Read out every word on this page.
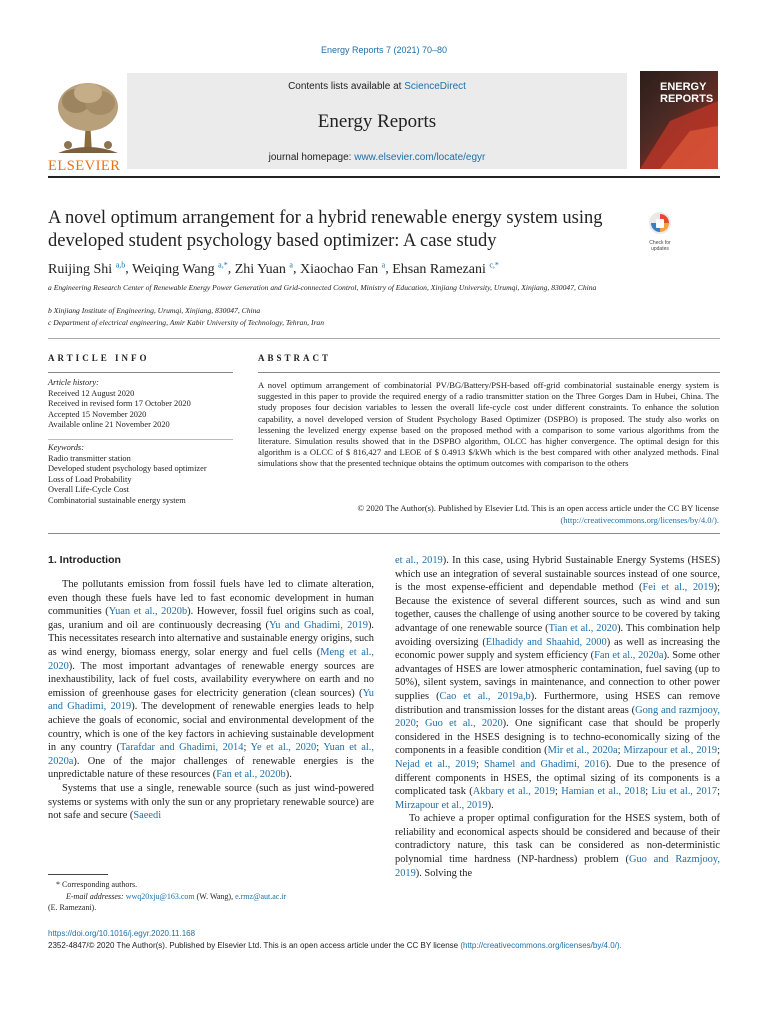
Energy Reports 7 (2021) 70–80
ELSEVIER
Contents lists available at ScienceDirect
Energy Reports
journal homepage: www.elsevier.com/locate/egyr
ENERGY
REPORTS
A novel optimum arrangement for a hybrid renewable energy system using developed student psychology based optimizer: A case study	Check for updates
Ruijing Shi $^{a,b}$, Weiqing Wang $^{a,*}$, Zhi Yuan $^a$, Xiaochao Fan $^a$, Ehsan Ramezani $^{c,*}$
a Engineering Research Center of Renewable Energy Power Generation and Grid-connected Control, Ministry of Education, Xinjiang University, Urumqi, Xinjiang, 830047, China
b Xinjiang Institute of Engineering, Urumqi, Xinjiang, 830047, China
c Department of electrical engineering, Amir Kabir University of Technology, Tehran, Iran
ARTICLE INFO
Article history:
Received 12 August 2020
Received in revised form 17 October 2020
Accepted 15 November 2020
Available online 21 November 2020
Keywords:
Radio transmitter station
Developed student psychology based optimizer
Loss of Load Probability
Overall Life-Cycle Cost
Combinatorial sustainable energy system
ABSTRACT
A novel optimum arrangement of combinatorial PV/BG/Battery/PSH-based off-grid combinatorial sustainable energy system is suggested in this paper to provide the required energy of a radio transmitter station on the Three Gorges Dam in Hubei, China. The study proposes four decision variables to lessen the overall life-cycle cost under different constraints. To enhance the solution capability, a novel developed version of Student Psychology Based Optimizer (DSPBO) is proposed. The study also works on lessening the levelized energy expense based on the proposed method with a comparison to some various algorithms from the literature. Simulation results showed that in the DSPBO algorithm, OLCC has higher convergence. The optimal design for this algorithm is a OLCC of $ 816,427 and LEOE of $ 0.4913 $/kWh which is the best compared with other analyzed methods. Final simulations show that the presented technique obtains the optimum outcomes with comparison to the others
© 2020 The Author(s). Published by Elsevier Ltd. This is an open access article under the CC BY license
(http://creativecommons.org/licenses/by/4.0/).
1. Introduction

The pollutants emission from fossil fuels have led to climate alteration, even though these fuels have led to fast economic development in human communities (Yuan et al., 2020b). However, fossil fuel origins such as coal, gas, uranium and oil are continuously decreasing (Yu and Ghadimi, 2019). This necessitates research into alternative and sustainable energy origins, such as wind energy, biomass energy, solar energy and fuel cells (Meng et al., 2020). The most important advantages of renewable energy sources are inexhaustibility, lack of fuel costs, availability everywhere on earth and no emission of greenhouse gases for electricity generation (clean sources) (Yu and Ghadimi, 2019). The development of renewable energies leads to help achieve the goals of economic, social and environmental development of the country, which is one of the key factors in achieving sustainable development in any country (Tarafdar and Ghadimi, 2014; Ye et al., 2020; Yuan et al., 2020a). One of the major challenges of renewable energies is the unpredictable nature of these resources (Fan et al., 2020b).

Systems that use a single, renewable source (such as just wind-powered systems or systems with only the sun or any proprietary renewable source) are not safe and secure (Saeedi

et al., 2019). In this case, using Hybrid Sustainable Energy Systems (HSES) which use an integration of several sustainable sources instead of one source, is the most expense-efficient and dependable method (Fei et al., 2019); Because the existence of several different sources, such as wind and sun together, causes the challenge of using another source to be covered by taking advantage of one renewable source (Tian et al., 2020). This combination help avoiding oversizing (Elhadidy and Shaahid, 2000) as well as increasing the economic power supply and system efficiency (Fan et al., 2020a). Some other advantages of HSES are lower atmospheric contamination, fuel saving (up to 50%), silent system, savings in maintenance, and connection to other power supplies (Cao et al., 2019a,b). Furthermore, using HSES can remove distribution and transmission losses for the distant areas (Gong and razmjooy, 2020; Guo et al., 2020). One significant case that should be properly considered in the HSES designing is to techno-economically sizing of the components in a feasible condition (Mir et al., 2020a; Mirzapour et al., 2019; Nejad et al., 2019; Shamel and Ghadimi, 2016). Due to the presence of different components in HSES, the optimal sizing of its components is a complicated task (Akbary et al., 2019; Hamian et al., 2018; Liu et al., 2017; Mirzapour et al., 2019).

To achieve a proper optimal configuration for the HSES system, both of reliability and economical aspects should be considered and because of their contradictory nature, this task can be considered as non-deterministic polynomial time hardness (NP-hardness) problem (Guo and Razmjooy, 2019). Solving the

* Corresponding authors.
E-mail addresses: wwq20xju@163.com (W. Wang), e.rmz@aut.ac.ir
(E. Ramezani).
https://doi.org/10.1016/j.egyr.2020.11.168
2352-4847/© 2020 The Author(s). Published by Elsevier Ltd. This is an open access article under the CC BY license (http://creativecommons.org/licenses/by/4.0/).
